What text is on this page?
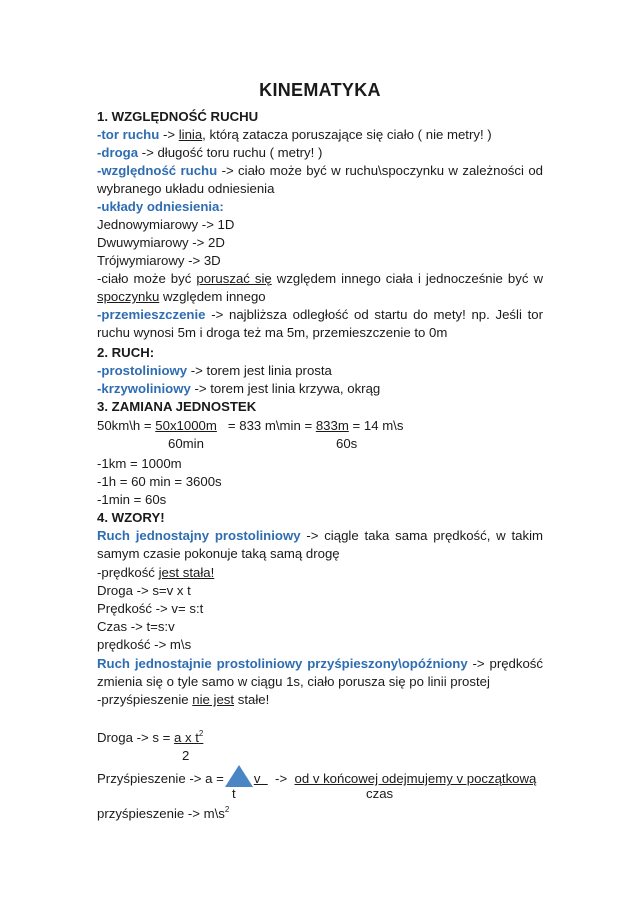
KINEMATYKA
1. WZGLĘDNOŚĆ RUCHU
-tor ruchu -> linia, którą zatacza poruszające się ciało ( nie metry! )
-droga -> długość toru ruchu ( metry! )
-względność ruchu -> ciało może być w ruchu\spoczynku w zależności od
wybranego układu odniesienia
-układy odniesienia:
Jednowymiarowy -> 1D
Dwuwymiarowy -> 2D
Trójwymiarowy -> 3D
-ciało może być poruszać się względem innego ciała i jednocześnie być w
spoczynku względem innego
-przemieszczenie -> najbliższa odległość od startu do mety! np. Jeśli tor
ruchu wynosi 5m i droga też ma 5m, przemieszczenie to 0m
2. RUCH:
-prostoliniowy -> torem jest linia prosta
-krzywoliniowy -> torem jest linia krzywa, okrąg
3. ZAMIANA JEDNOSTEK
50km\h = 50x1000m   = 833 m\min = 833m = 14 m\s
60min	60s
-1km = 1000m
-1h = 60 min = 3600s
-1min = 60s
4. WZORY!
Ruch jednostajny prostoliniowy -> ciągle taka sama prędkość, w takim
samym czasie pokonuje taką samą drogę
-prędkość jest stała!
Droga -> s=v x t
Prędkość -> v= s:t
Czas -> t=s:v
prędkość -> m\s
Ruch jednostajnie prostoliniowy przyśpieszony\opóźniony -> prędkość
zmienia się o tyle samo w ciągu 1s, ciało porusza się po linii prostej
-przyśpieszenie nie jest stałe!
Droga -> s = a x $t^2$
2
Przyśpieszenie -> a = v    ->  od v końcowej odejmujemy v początkową
t	czas
przyśpieszenie -> $m\backslash s^2$
